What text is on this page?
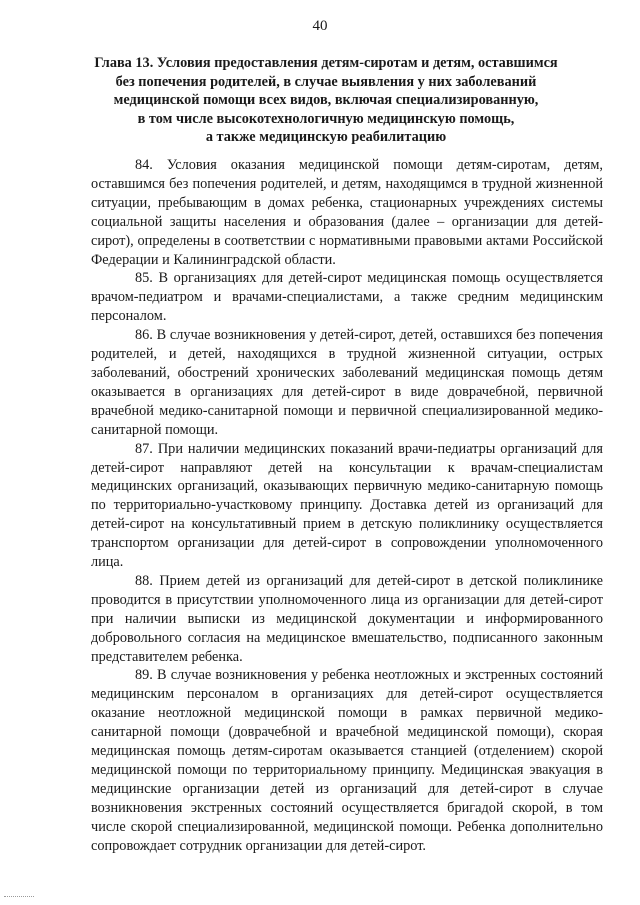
40
Глава 13. Условия предоставления детям-сиротам и детям, оставшимся
без попечения родителей, в случае выявления у них заболеваний
медицинской помощи всех видов, включая специализированную,
в том числе высокотехнологичную медицинскую помощь,
а также медицинскую реабилитацию

84. Условия оказания медицинской помощи детям-сиротам, детям, оставшимся без попечения родителей, и детям, находящимся в трудной жизненной ситуации, пребывающим в домах ребенка, стационарных учреждениях системы социальной защиты населения и образования (далее – организации для детей-сирот), определены в соответствии с нормативными правовыми актами Российской Федерации и Калининградской области.

85. В организациях для детей-сирот медицинская помощь осуществляется врачом-педиатром и врачами-специалистами, а также средним медицинским персоналом.

86. В случае возникновения у детей-сирот, детей, оставшихся без попечения родителей, и детей, находящихся в трудной жизненной ситуации, острых заболеваний, обострений хронических заболеваний медицинская помощь детям оказывается в организациях для детей-сирот в виде доврачебной, первичной врачебной медико-санитарной помощи и первичной специализированной медико-санитарной помощи.

87. При наличии медицинских показаний врачи-педиатры организаций для детей-сирот направляют детей на консультации к врачам-специалистам медицинских организаций, оказывающих первичную медико-санитарную помощь по территориально-участковому принципу. Доставка детей из организаций для детей-сирот на консультативный прием в детскую поликлинику осуществляется транспортом организации для детей-сирот в сопровождении уполномоченного лица.

88. Прием детей из организаций для детей-сирот в детской поликлинике проводится в присутствии уполномоченного лица из организации для детей-сирот при наличии выписки из медицинской документации и информированного добровольного согласия на медицинское вмешательство, подписанного законным представителем ребенка.

89. В случае возникновения у ребенка неотложных и экстренных состояний медицинским персоналом в организациях для детей-сирот осуществляется оказание неотложной медицинской помощи в рамках первичной медико-санитарной помощи (доврачебной и врачебной медицинской помощи), скорая медицинская помощь детям-сиротам оказывается станцией (отделением) скорой медицинской помощи по территориальному принципу. Медицинская эвакуация в медицинские организации детей из организаций для детей-сирот в случае возникновения экстренных состояний осуществляется бригадой скорой, в том числе скорой специализированной, медицинской помощи. Ребенка дополнительно сопровождает сотрудник организации для детей-сирот.
